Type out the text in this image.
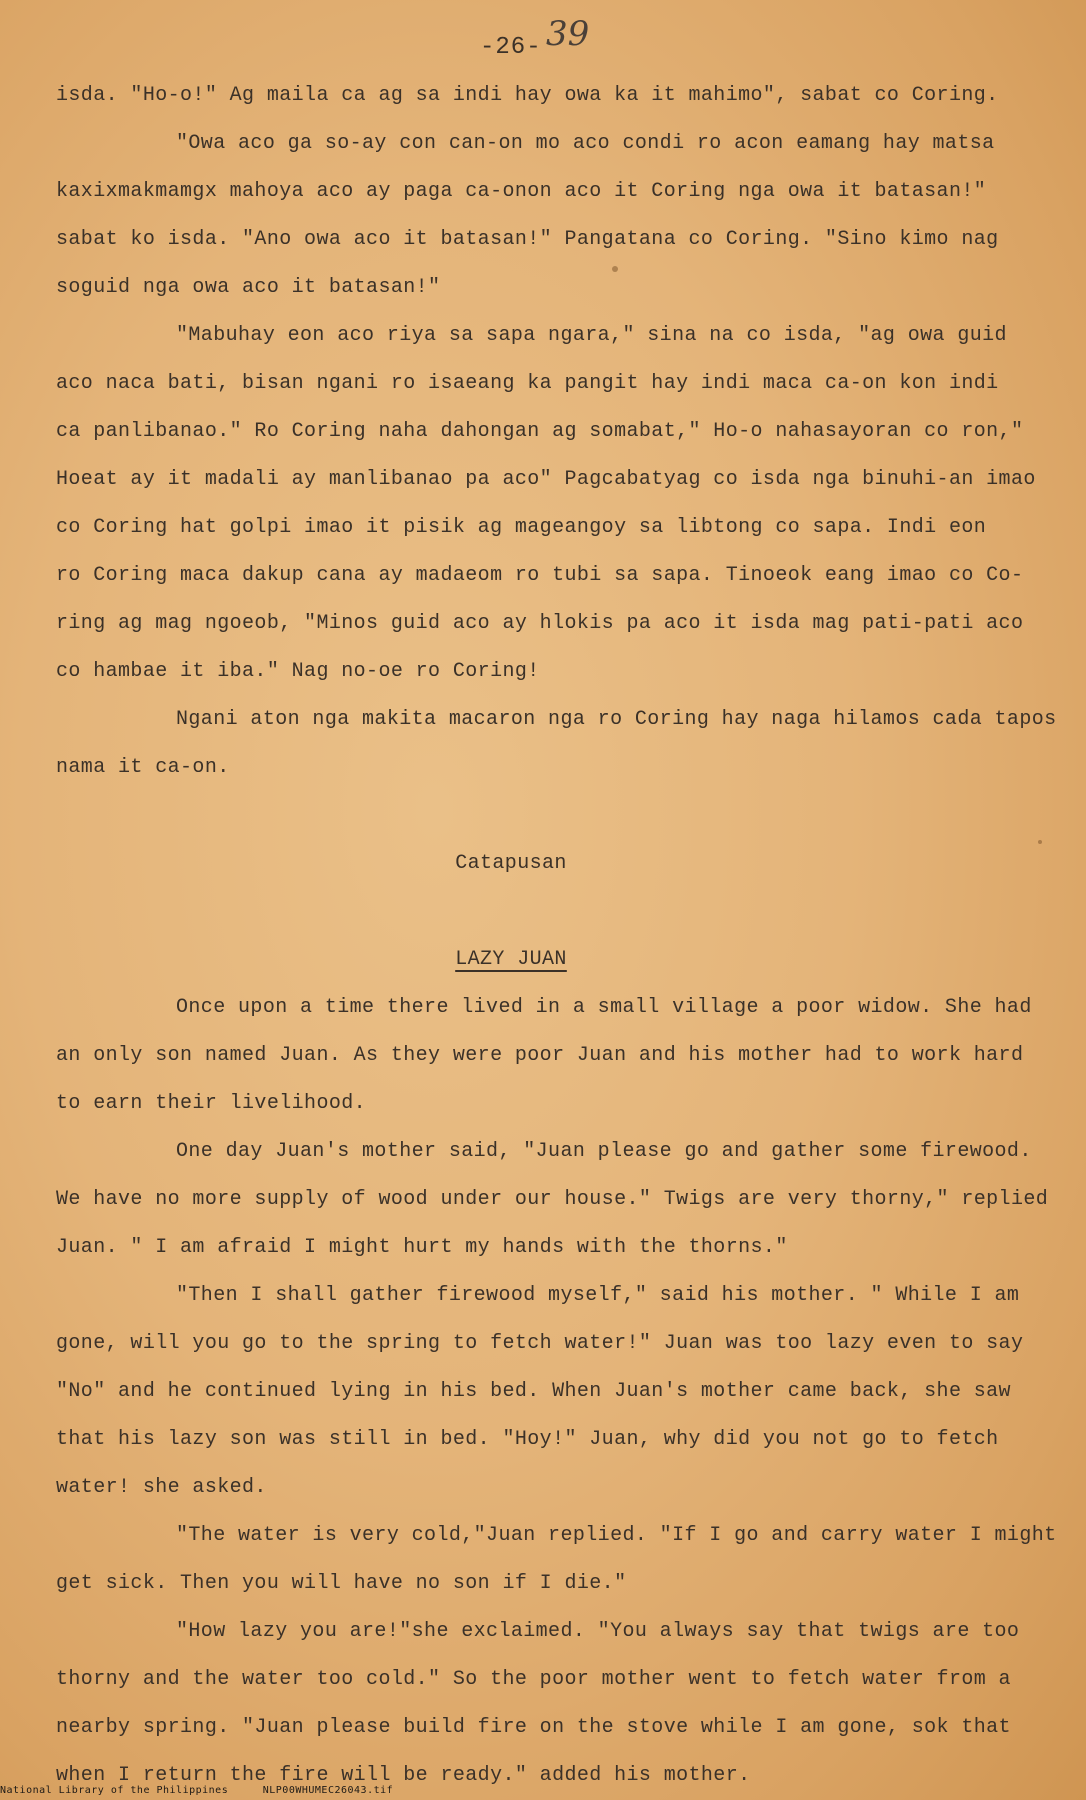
-26- 39
isda. "Ho-o!" Ag maila ca ag sa indi hay owa ka it mahimo", sabat co Coring.
"Owa aco ga so-ay con can-on mo aco condi ro acon eamang hay matsa
kaxixmakmamgx mahoya aco ay paga ca-onon aco it Coring nga owa it batasan!"
sabat ko isda. "Ano owa aco it batasan!" Pangatana co Coring. "Sino kimo nag
soguid nga owa aco it batasan!"
"Mabuhay eon aco riya sa sapa ngara," sina na co isda, "ag owa guid
aco naca bati, bisan ngani ro isaeang ka pangit hay indi maca ca-on kon indi
ca panlibanao." Ro Coring naha dahongan ag somabat," Ho-o nahasayoran co ron,"
Hoeat ay it madali ay manlibanao pa aco" Pagcabatyag co isda nga binuhi-an imao
co Coring hat golpi imao it pisik ag mageangoy sa libtong co sapa. Indi eon
ro Coring maca dakup cana ay madaeom ro tubi sa sapa. Tinoeok eang imao co Co-
ring ag mag ngoeob, "Minos guid aco ay hlokis pa aco it isda mag pati-pati aco
co hambae it iba." Nag no-oe ro Coring!
Ngani aton nga makita macaron nga ro Coring hay naga hilamos cada tapos
nama it ca-on.
Catapusan
LAZY JUAN
Once upon a time there lived in a small village a poor widow. She had
an only son named Juan. As they were poor Juan and his mother had to work hard
to earn their livelihood.
One day Juan's mother said, "Juan please go and gather some firewood.
We have no more supply of wood under our house." Twigs are very thorny," replied
Juan. " I am afraid I might hurt my hands with the thorns."
"Then I shall gather firewood myself," said his mother. " While I am
gone, will you go to the spring to fetch water!" Juan was too lazy even to say
"No" and he continued lying in his bed. When Juan's mother came back, she saw
that his lazy son was still in bed. "Hoy!" Juan, why did you not go to fetch
water! she asked.
"The water is very cold,"Juan replied. "If I go and carry water I might
get sick. Then you will have no son if I die."
"How lazy you are!"she exclaimed. "You always say that twigs are too
thorny and the water too cold." So the poor mother went to fetch water from a
nearby spring. "Juan please build fire on the stove while I am gone, sok that
when I return the fire will be ready." added his mother.
National Library of the Philippines	NLP00WHUMEC26043.tif
